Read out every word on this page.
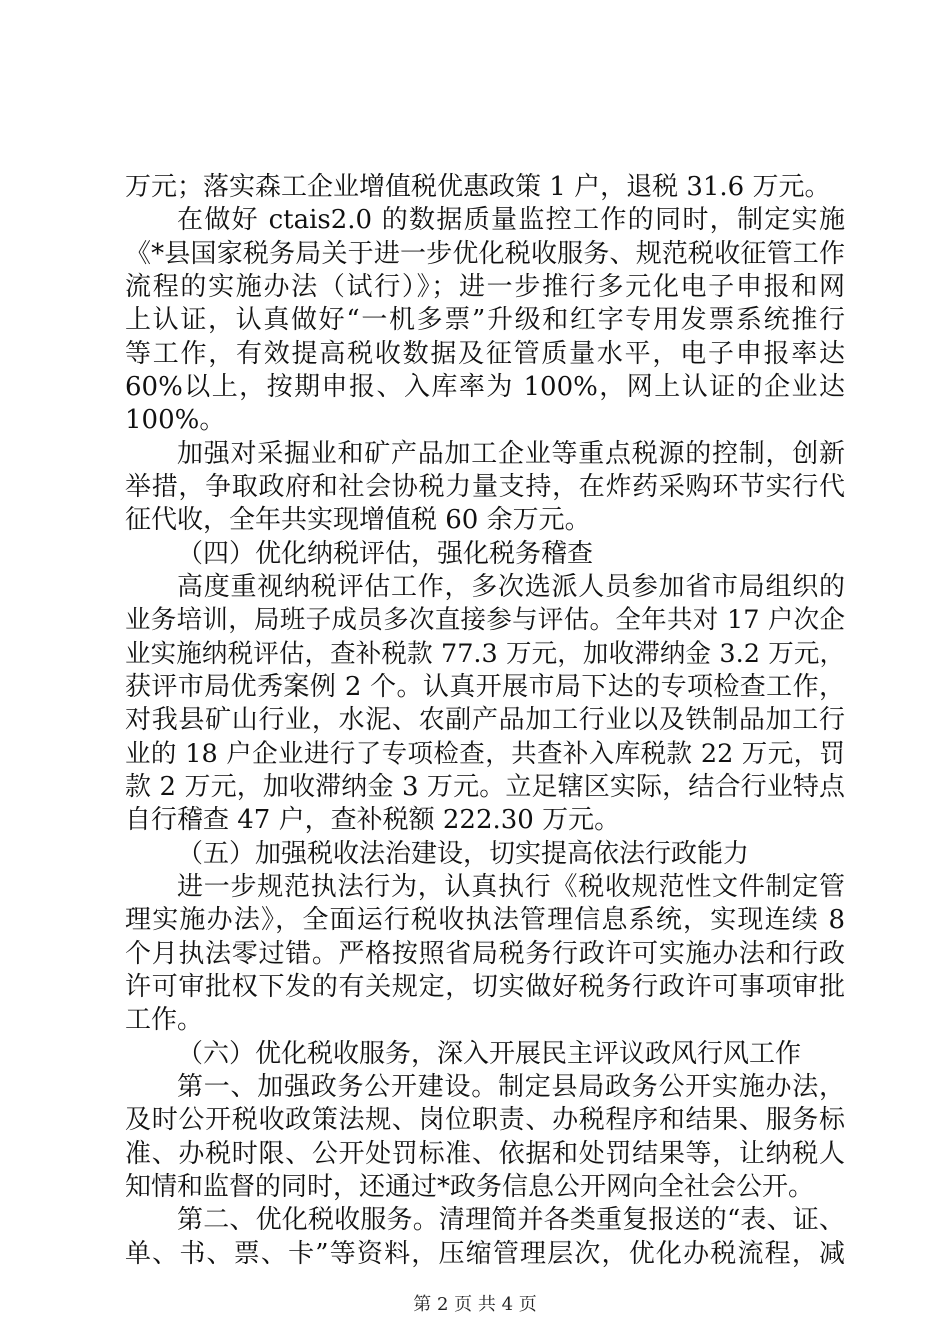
万元；落实森工企业增值税优惠政策 1 户，退税 31.6 万元。
在做好 ctais2.0 的数据质量监控工作的同时，制定实施
《*县国家税务局关于进一步优化税收服务、规范税收征管工作
流程的实施办法（试行）》；进一步推行多元化电子申报和网
上认证，认真做好“一机多票”升级和红字专用发票系统推行
等工作，有效提高税收数据及征管质量水平，电子申报率达
60%以上，按期申报、入库率为 100%，网上认证的企业达
100%。
加强对采掘业和矿产品加工企业等重点税源的控制，创新
举措，争取政府和社会协税力量支持，在炸药采购环节实行代
征代收，全年共实现增值税 60 余万元。
（四）优化纳税评估，强化税务稽查
高度重视纳税评估工作，多次选派人员参加省市局组织的
业务培训，局班子成员多次直接参与评估。全年共对 17 户次企
业实施纳税评估，查补税款 77.3 万元，加收滞纳金 3.2 万元，
获评市局优秀案例 2 个。认真开展市局下达的专项检查工作，
对我县矿山行业，水泥、农副产品加工行业以及铁制品加工行
业的 18 户企业进行了专项检查，共查补入库税款 22 万元，罚
款 2 万元，加收滞纳金 3 万元。立足辖区实际，结合行业特点
自行稽查 47 户，查补税额 222.30 万元。
（五）加强税收法治建设，切实提高依法行政能力
进一步规范执法行为，认真执行《税收规范性文件制定管
理实施办法》，全面运行税收执法管理信息系统，实现连续 8
个月执法零过错。严格按照省局税务行政许可实施办法和行政
许可审批权下发的有关规定，切实做好税务行政许可事项审批
工作。
（六）优化税收服务，深入开展民主评议政风行风工作
第一、加强政务公开建设。制定县局政务公开实施办法，
及时公开税收政策法规、岗位职责、办税程序和结果、服务标
准、办税时限、公开处罚标准、依据和处罚结果等，让纳税人
知情和监督的同时，还通过*政务信息公开网向全社会公开。
第二、优化税收服务。清理简并各类重复报送的“表、证、
单、书、票、卡”等资料，压缩管理层次，优化办税流程，减
第 2 页 共 4 页
